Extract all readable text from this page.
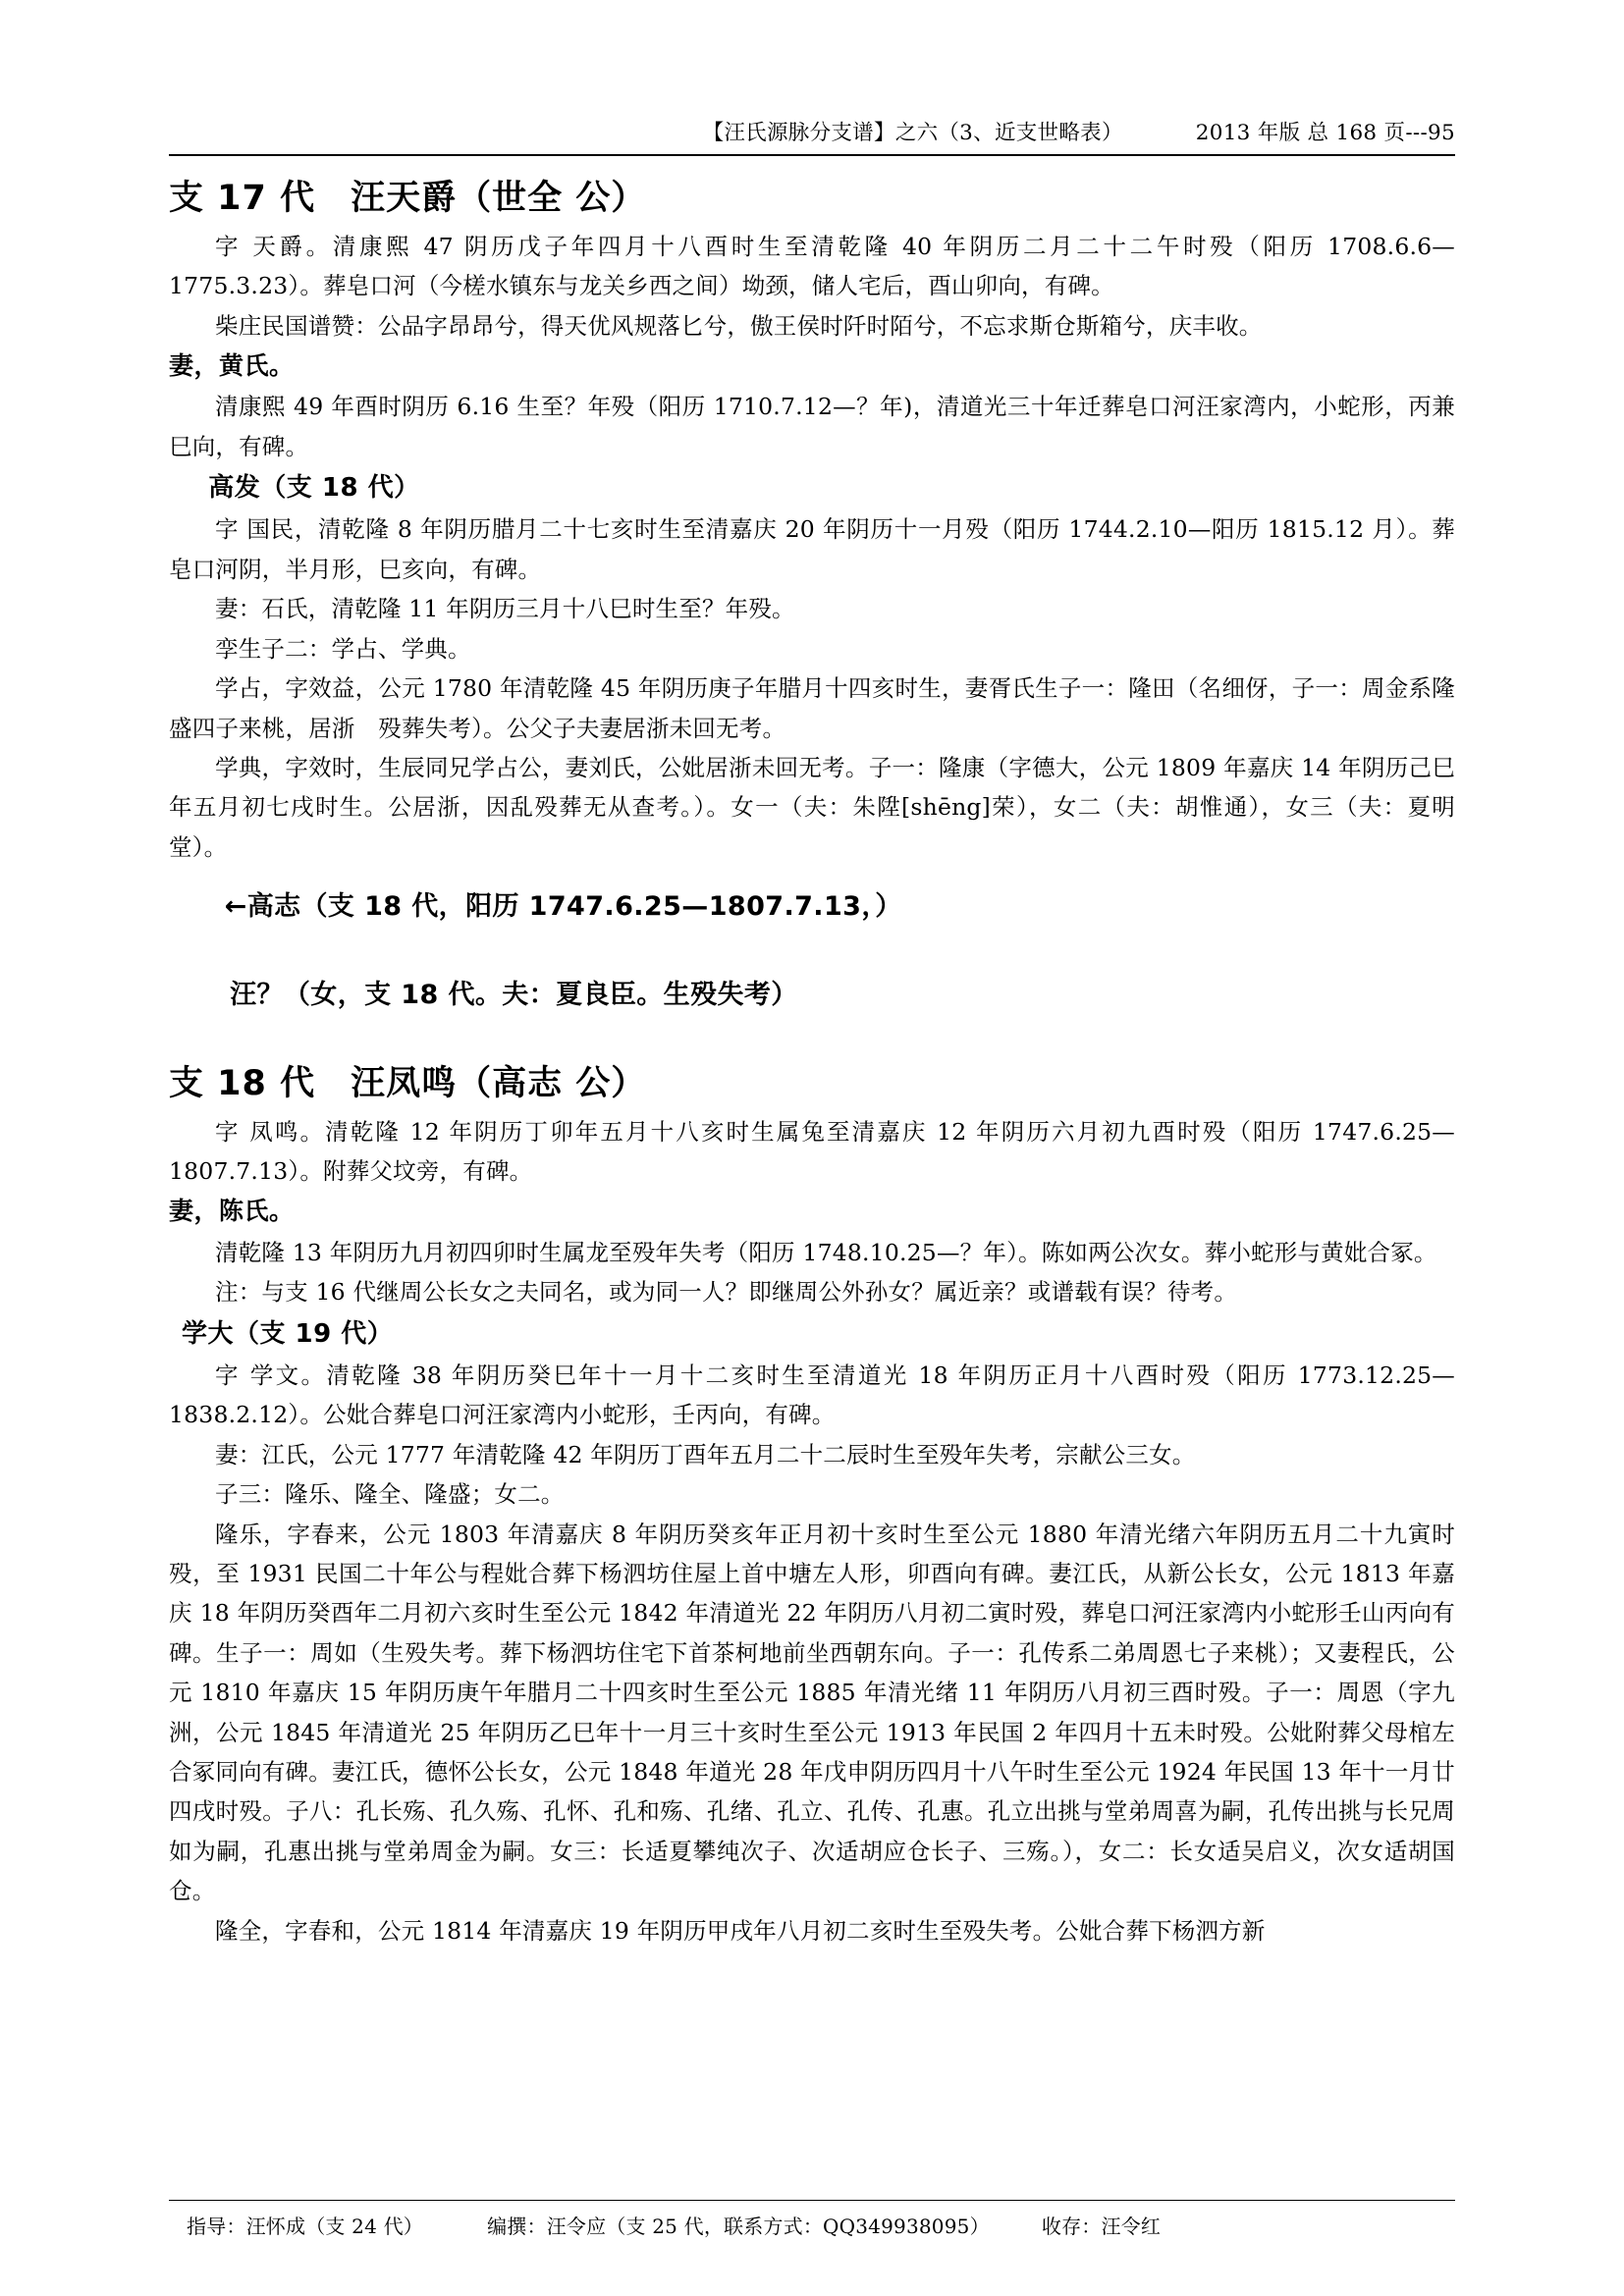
【汪氏源脉分支谱】之六（3、近支世略表）	2013 年版 总 168 页---95
支 17 代　汪天爵（世全 公）

字 天爵。清康熙 47 阴历戊子年四月十八酉时生至清乾隆 40 年阴历二月二十二午时殁（阳历 1708.6.6—1775.3.23）。葬皂口河（今槎水镇东与龙关乡西之间）坳颈，储人宅后，酉山卯向，有碑。

柴庄民国谱赞：公品字昂昂兮，得天优风规落匕兮，傲王侯时阡时陌兮，不忘求斯仓斯箱兮，庆丰收。

妻，黄氏。

清康熙 49 年酉时阴历 6.16 生至？年殁（阳历 1710.7.12—？年)，清道光三十年迁葬皂口河汪家湾内，小蛇形，丙兼巳向，有碑。

高发（支 18 代）

字 国民，清乾隆 8 年阴历腊月二十七亥时生至清嘉庆 20 年阴历十一月殁（阳历 1744.2.10—阳历 1815.12 月）。葬皂口河阴，半月形，巳亥向，有碑。

妻：石氏，清乾隆 11 年阴历三月十八巳时生至？年殁。

孪生子二：学占、学典。

学占，字效益，公元 1780 年清乾隆 45 年阴历庚子年腊月十四亥时生，妻胥氏生子一：隆田（名细伢，子一：周金系隆盛四子来桃，居浙　殁葬失考）。公父子夫妻居浙未回无考。

学典，字效时，生辰同兄学占公，妻刘氏，公妣居浙未回无考。子一：隆康（字德大，公元 1809 年嘉庆 14 年阴历己巳年五月初七戌时生。公居浙，因乱殁葬无从查考。）。女一（夫：朱陞[shēng]荣），女二（夫：胡惟通），女三（夫：夏明堂）。

←高志（支 18 代，阳历 1747.6.25—1807.7.13，）

汪？（女，支 18 代。夫：夏良臣。生殁失考）

支 18 代　汪凤鸣（高志 公）

字 凤鸣。清乾隆 12 年阴历丁卯年五月十八亥时生属兔至清嘉庆 12 年阴历六月初九酉时殁（阳历 1747.6.25—1807.7.13）。附葬父坟旁，有碑。

妻，陈氏。

清乾隆 13 年阴历九月初四卯时生属龙至殁年失考（阳历 1748.10.25—？年）。陈如两公次女。葬小蛇形与黄妣合冢。

注：与支 16 代继周公长女之夫同名，或为同一人？即继周公外孙女？属近亲？或谱载有误？待考。

学大（支 19 代）

字 学文。清乾隆 38 年阴历癸巳年十一月十二亥时生至清道光 18 年阴历正月十八酉时殁（阳历 1773.12.25—1838.2.12）。公妣合葬皂口河汪家湾内小蛇形，壬丙向，有碑。

妻：江氏，公元 1777 年清乾隆 42 年阴历丁酉年五月二十二辰时生至殁年失考，宗献公三女。

子三：隆乐、隆全、隆盛；女二。

隆乐，字春来，公元 1803 年清嘉庆 8 年阴历癸亥年正月初十亥时生至公元 1880 年清光绪六年阴历五月二十九寅时殁，至 1931 民国二十年公与程妣合葬下杨泗坊住屋上首中塘左人形，卯酉向有碑。妻江氏，从新公长女，公元 1813 年嘉庆 18 年阴历癸酉年二月初六亥时生至公元 1842 年清道光 22 年阴历八月初二寅时殁，葬皂口河汪家湾内小蛇形壬山丙向有碑。生子一：周如（生殁失考。葬下杨泗坊住宅下首茶柯地前坐西朝东向。子一：孔传系二弟周恩七子来桃）；又妻程氏，公元 1810 年嘉庆 15 年阴历庚午年腊月二十四亥时生至公元 1885 年清光绪 11 年阴历八月初三酉时殁。子一：周恩（字九洲，公元 1845 年清道光 25 年阴历乙巳年十一月三十亥时生至公元 1913 年民国 2 年四月十五未时殁。公妣附葬父母棺左合冢同向有碑。妻江氏，德怀公长女，公元 1848 年道光 28 年戊申阴历四月十八午时生至公元 1924 年民国 13 年十一月廿四戌时殁。子八：孔长殇、孔久殇、孔怀、孔和殇、孔绪、孔立、孔传、孔惠。孔立出挑与堂弟周喜为嗣，孔传出挑与长兄周如为嗣，孔惠出挑与堂弟周金为嗣。女三：长适夏攀纯次子、次适胡应仓长子、三殇。），女二：长女适吴启义，次女适胡国仓。

隆全，字春和，公元 1814 年清嘉庆 19 年阴历甲戌年八月初二亥时生至殁失考。公妣合葬下杨泗方新

指导：汪怀成（支 24 代）	编撰：汪令应（支 25 代，联系方式：QQ349938095）	收存：汪令红
